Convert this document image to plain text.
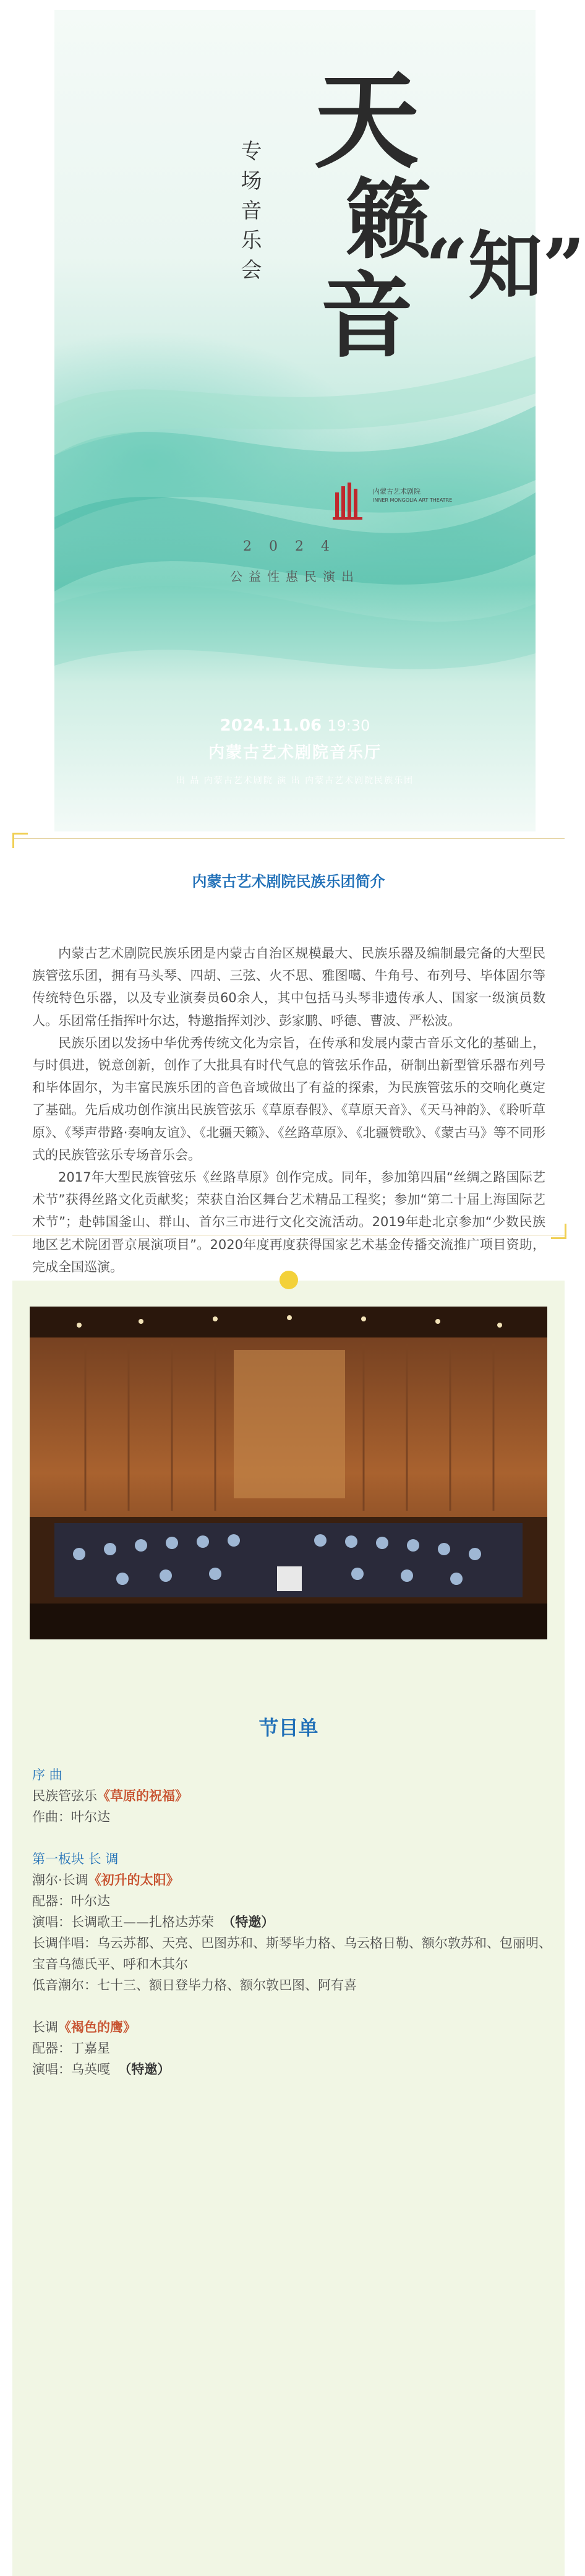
专场音乐会
天
籁
“知”
音
内蒙古艺术剧院
INNER MONGOLIA ART THEATRE
2024
公益性惠民演出
2024.11.06 19:30
内蒙古艺术剧院音乐厅
出 品 内蒙古艺术剧院 演 出 内蒙古艺术剧院民族乐团
内蒙古艺术剧院民族乐团简介

内蒙古艺术剧院民族乐团是内蒙古自治区规模最大、民族乐器及编制最完备的大型民族管弦乐团，拥有马头琴、四胡、三弦、火不思、雅图噶、牛角号、布列号、毕体固尔等传统特色乐器，以及专业演奏员60余人，其中包括马头琴非遗传承人、国家一级演员数人。乐团常任指挥叶尔达，特邀指挥刘沙、彭家鹏、呼德、曹波、严松波。

民族乐团以发扬中华优秀传统文化为宗旨，在传承和发展内蒙古音乐文化的基础上，与时俱进，锐意创新，创作了大批具有时代气息的管弦乐作品，研制出新型管乐器布列号和毕体固尔，为丰富民族乐团的音色音域做出了有益的探索，为民族管弦乐的交响化奠定了基础。先后成功创作演出民族管弦乐《草原春假》、《草原天音》、《天马神韵》、《聆听草原》、《琴声带路·奏响友谊》、《北疆天籁》、《丝路草原》、《北疆赞歌》、《蒙古马》等不同形式的民族管弦乐专场音乐会。

2017年大型民族管弦乐《丝路草原》创作完成。同年，参加第四届“丝绸之路国际艺术节”获得丝路文化贡献奖；荣获自治区舞台艺术精品工程奖；参加“第二十届上海国际艺术节”；赴韩国釜山、群山、首尔三市进行文化交流活动。2019年赴北京参加“少数民族地区艺术院团晋京展演项目”。2020年度再度获得国家艺术基金传播交流推广项目资助，完成全国巡演。

节目单

序 曲

民族管弦乐《草原的祝福》

作曲：叶尔达

第一板块 长 调

潮尔·长调《初升的太阳》

配器：叶尔达

演唱：长调歌王——扎格达苏荣 （特邀）

长调伴唱：乌云苏都、天亮、巴图苏和、斯琴毕力格、乌云格日勒、额尔敦苏和、包丽明、宝音乌德氏平、呼和木其尔

低音潮尔：七十三、额日登毕力格、额尔敦巴图、阿有喜

长调《褐色的鹰》

配器：丁嘉星

演唱：乌英嘎 （特邀）
